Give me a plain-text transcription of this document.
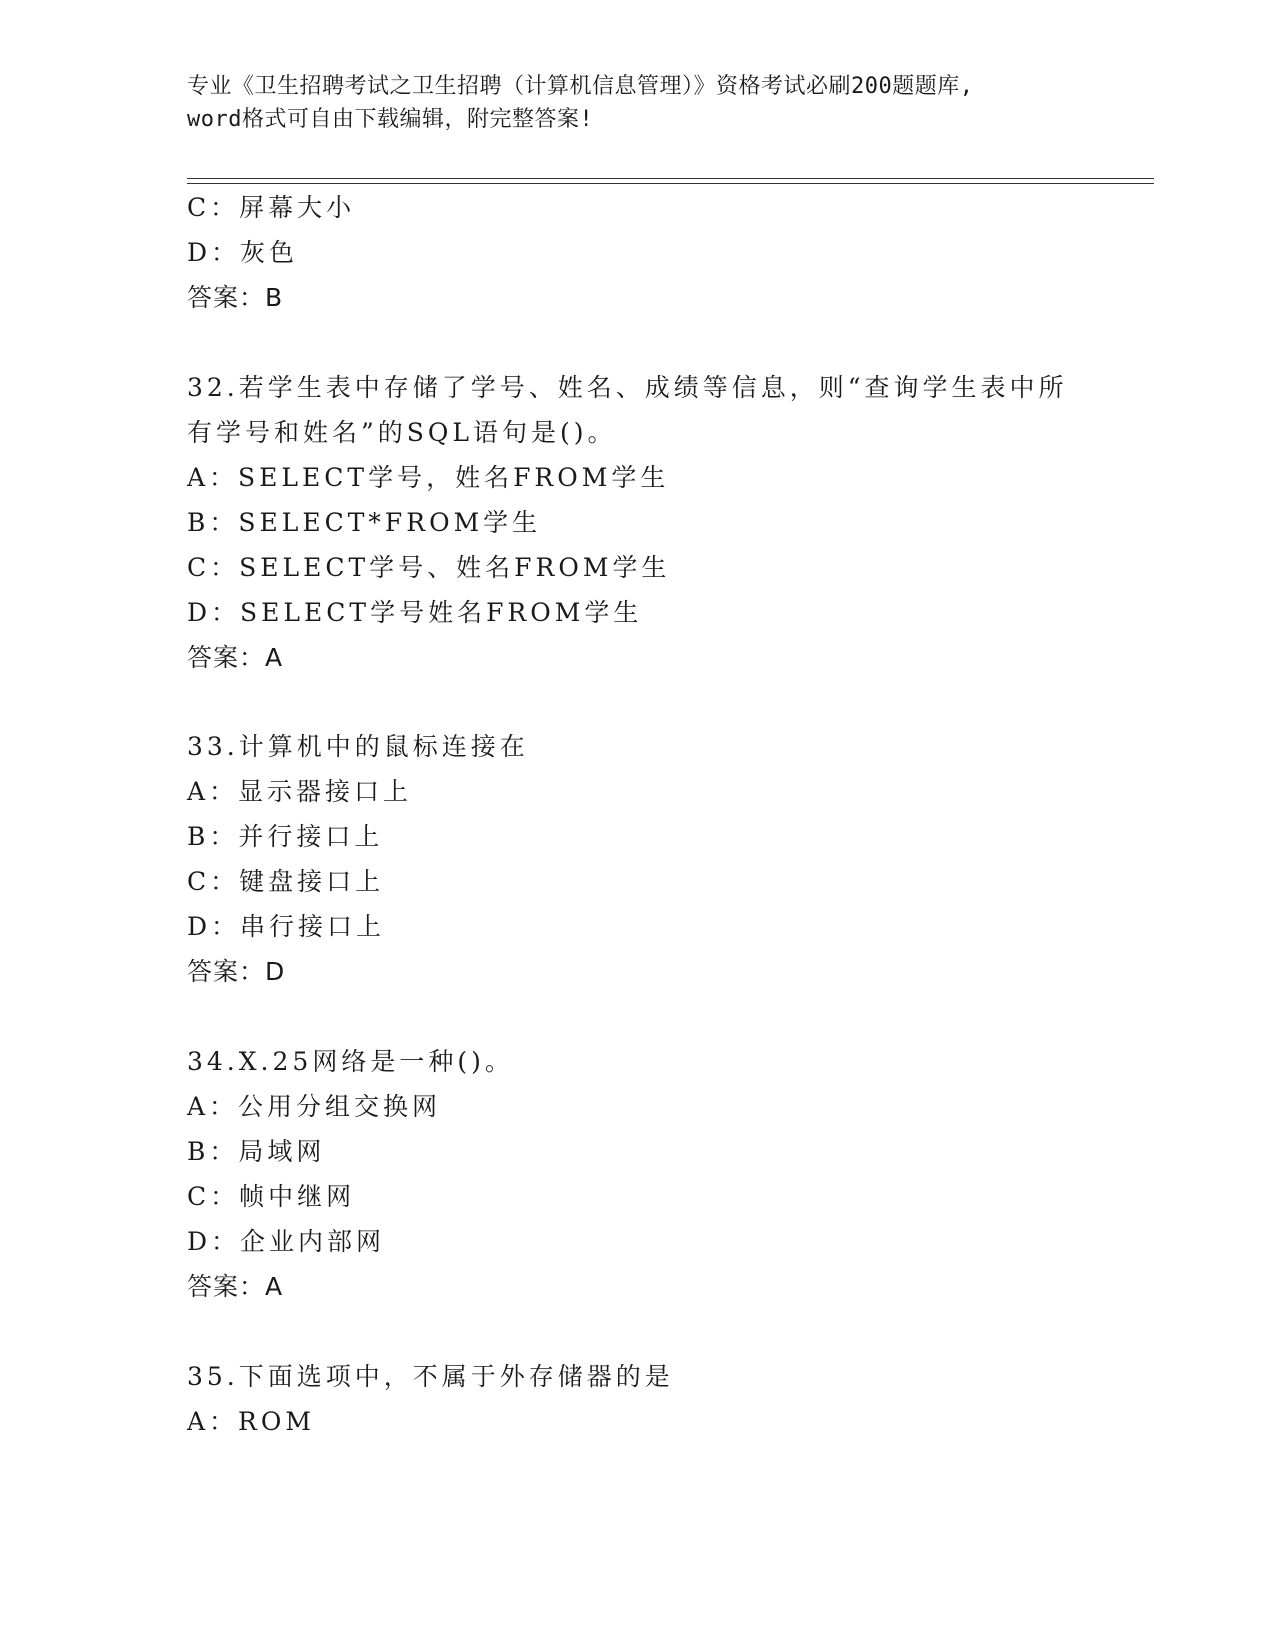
专业《卫生招聘考试之卫生招聘（计算机信息管理）》资格考试必刷200题题库,
word格式可自由下载编辑，附完整答案!
C：屏幕大小
D：灰色
答案：B
32.若学生表中存储了学号、姓名、成绩等信息，则“查询学生表中所
有学号和姓名”的SQL语句是()。
A：SELECT学号，姓名FROM学生
B：SELECT*FROM学生
C：SELECT学号、姓名FROM学生
D：SELECT学号姓名FROM学生
答案：A
33.计算机中的鼠标连接在
A：显示器接口上
B：并行接口上
C：键盘接口上
D：串行接口上
答案：D
34.X.25网络是一种()。
A：公用分组交换网
B：局域网
C：帧中继网
D：企业内部网
答案：A
35.下面选项中，不属于外存储器的是
A：ROM
